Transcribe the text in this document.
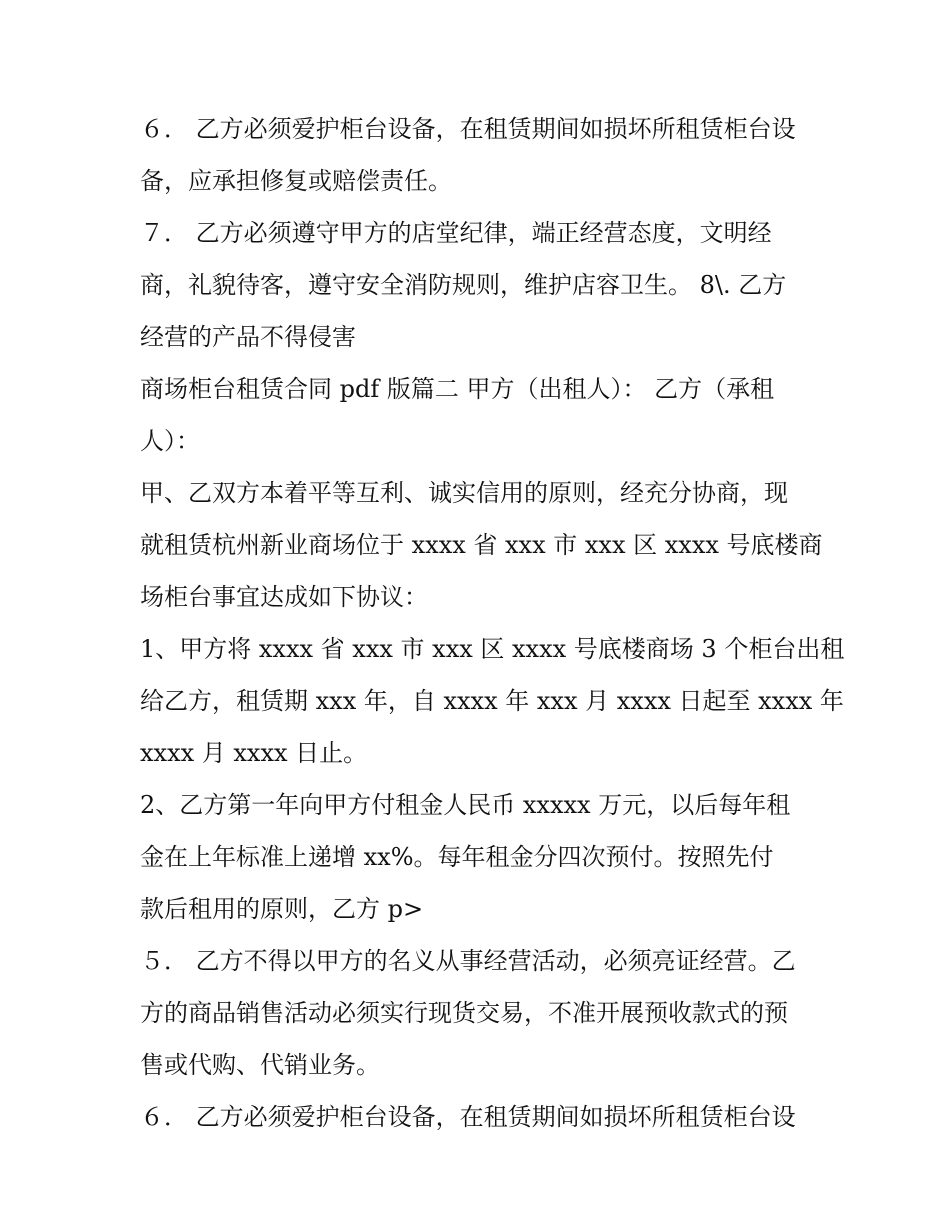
６． 乙方必须爱护柜台设备，在租赁期间如损坏所租赁柜台设
备，应承担修复或赔偿责任。
７． 乙方必须遵守甲方的店堂纪律，端正经营态度，文明经
商，礼貌待客，遵守安全消防规则，维护店容卫生。 8\. 乙方
经营的产品不得侵害
商场柜台租赁合同 pdf 版篇二 甲方（出租人）： 乙方（承租
人）：
甲、乙双方本着平等互利、诚实信用的原则，经充分协商，现
就租赁杭州新业商场位于 xxxx 省 xxx 市 xxx 区 xxxx 号底楼商
场柜台事宜达成如下协议：
1、甲方将 xxxx 省 xxx 市 xxx 区 xxxx 号底楼商场 3 个柜台出租
给乙方，租赁期 xxx 年，自 xxxx 年 xxx 月 xxxx 日起至 xxxx 年
xxxx 月 xxxx 日止。
2、乙方第一年向甲方付租金人民币 xxxxx 万元，以后每年租
金在上年标准上递增 xx%。每年租金分四次预付。按照先付
款后租用的原则，乙方 p>
５． 乙方不得以甲方的名义从事经营活动，必须亮证经营。乙
方的商品销售活动必须实行现货交易，不准开展预收款式的预
售或代购、代销业务。
６． 乙方必须爱护柜台设备，在租赁期间如损坏所租赁柜台设
